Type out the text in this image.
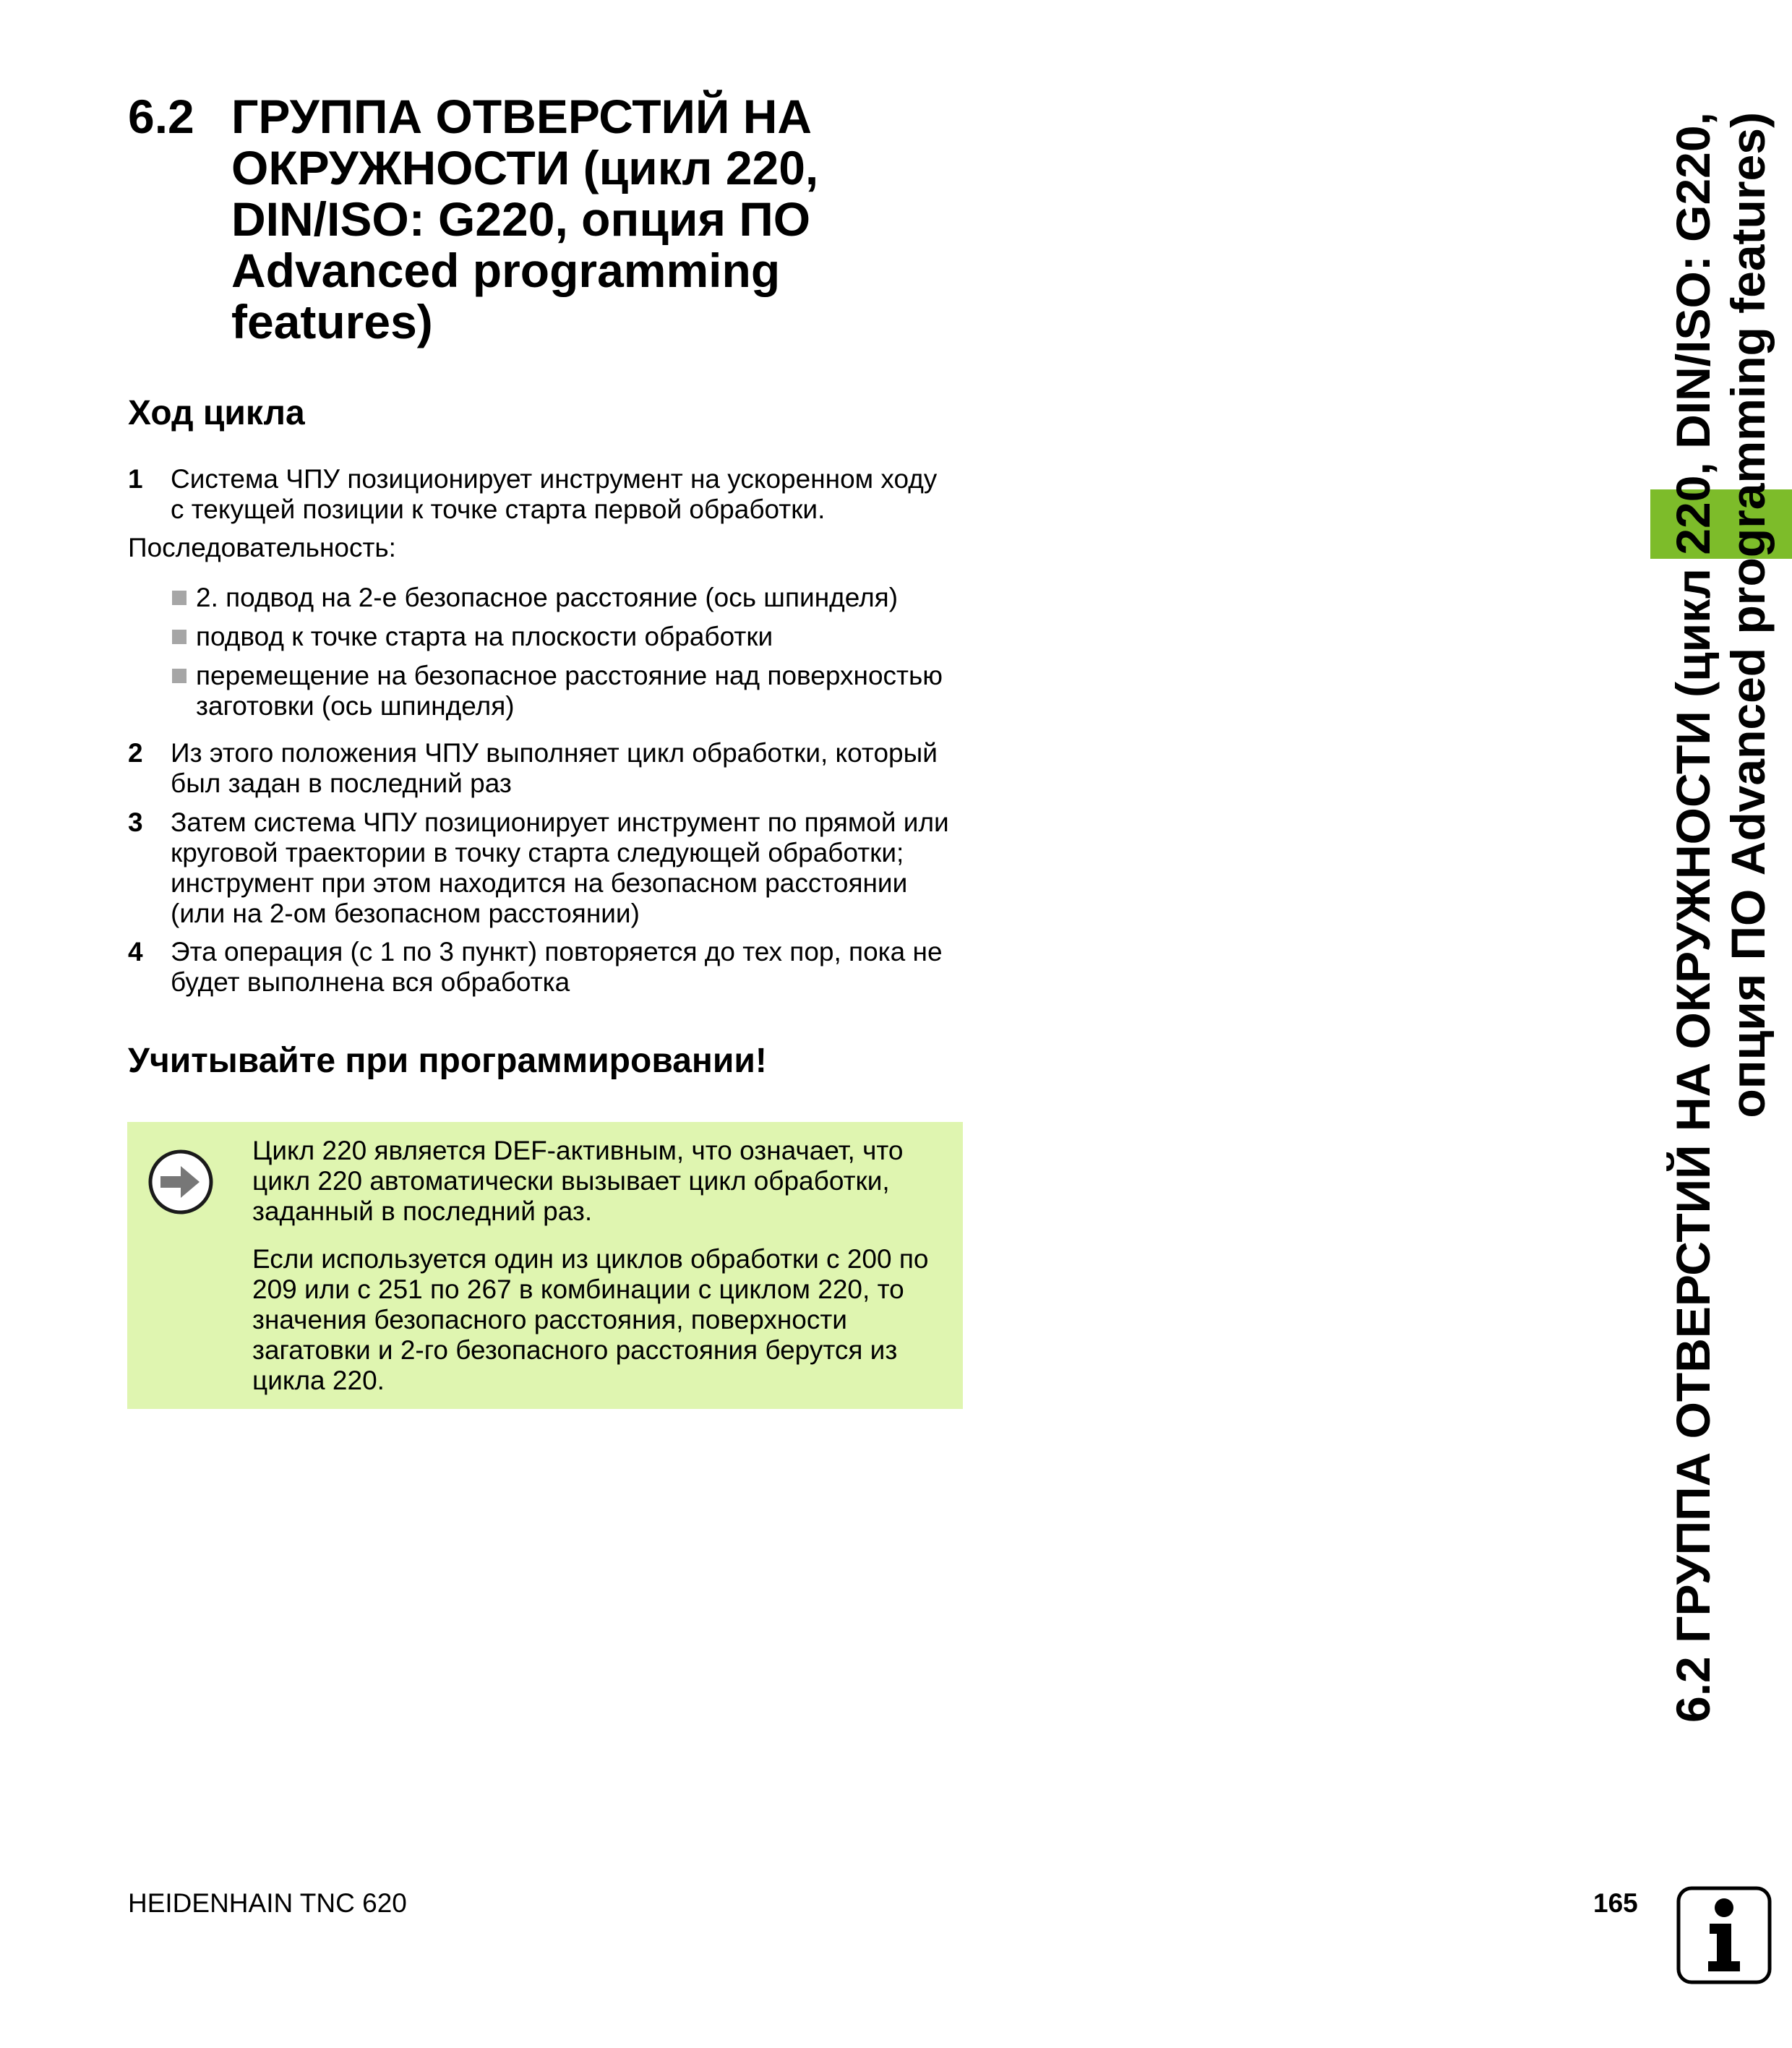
6.2 ГРУППА ОТВЕРСТИЙ НА
ОКРУЖНОСТИ (цикл 220,
DIN/ISO: G220, опция ПО
Advanced programming
features)
Ход цикла
1 Система ЧПУ позиционирует инструмент на ускоренном ходу
с текущей позиции к точке старта первой обработки.
Последовательность:
2. подвод на 2-е безопасное расстояние (ось шпинделя)
подвод к точке старта на плоскости обработки
перемещение на безопасное расстояние над поверхностью
заготовки (ось шпинделя)
2 Из этого положения ЧПУ выполняет цикл обработки, который
был задан в последний раз
3 Затем система ЧПУ позиционирует инструмент по прямой или
круговой траектории в точку старта следующей обработки;
инструмент при этом находится на безопасном расстоянии
(или на 2-ом безопасном расстоянии)
4 Эта операция (с 1 по 3 пункт) повторяется до тех пор, пока не
будет выполнена вся обработка
Учитывайте при программировании!
Цикл 220 является DEF-активным, что означает, что
цикл 220 автоматически вызывает цикл обработки,
заданный в последний раз.
Если используется один из циклов обработки с 200 по
209 или с 251 по 267 в комбинации с циклом 220, то
значения безопасного расстояния, поверхности
загатовки и 2-го безопасного расстояния берутся из
цикла 220.	6.2 ГРУППА ОТВЕРСТИЙ НА ОКРУЖНОСТИ (цикл 220, DIN/ISO: G220, опция ПО Advanced programming features)
HEIDENHAIN TNC 620	165
